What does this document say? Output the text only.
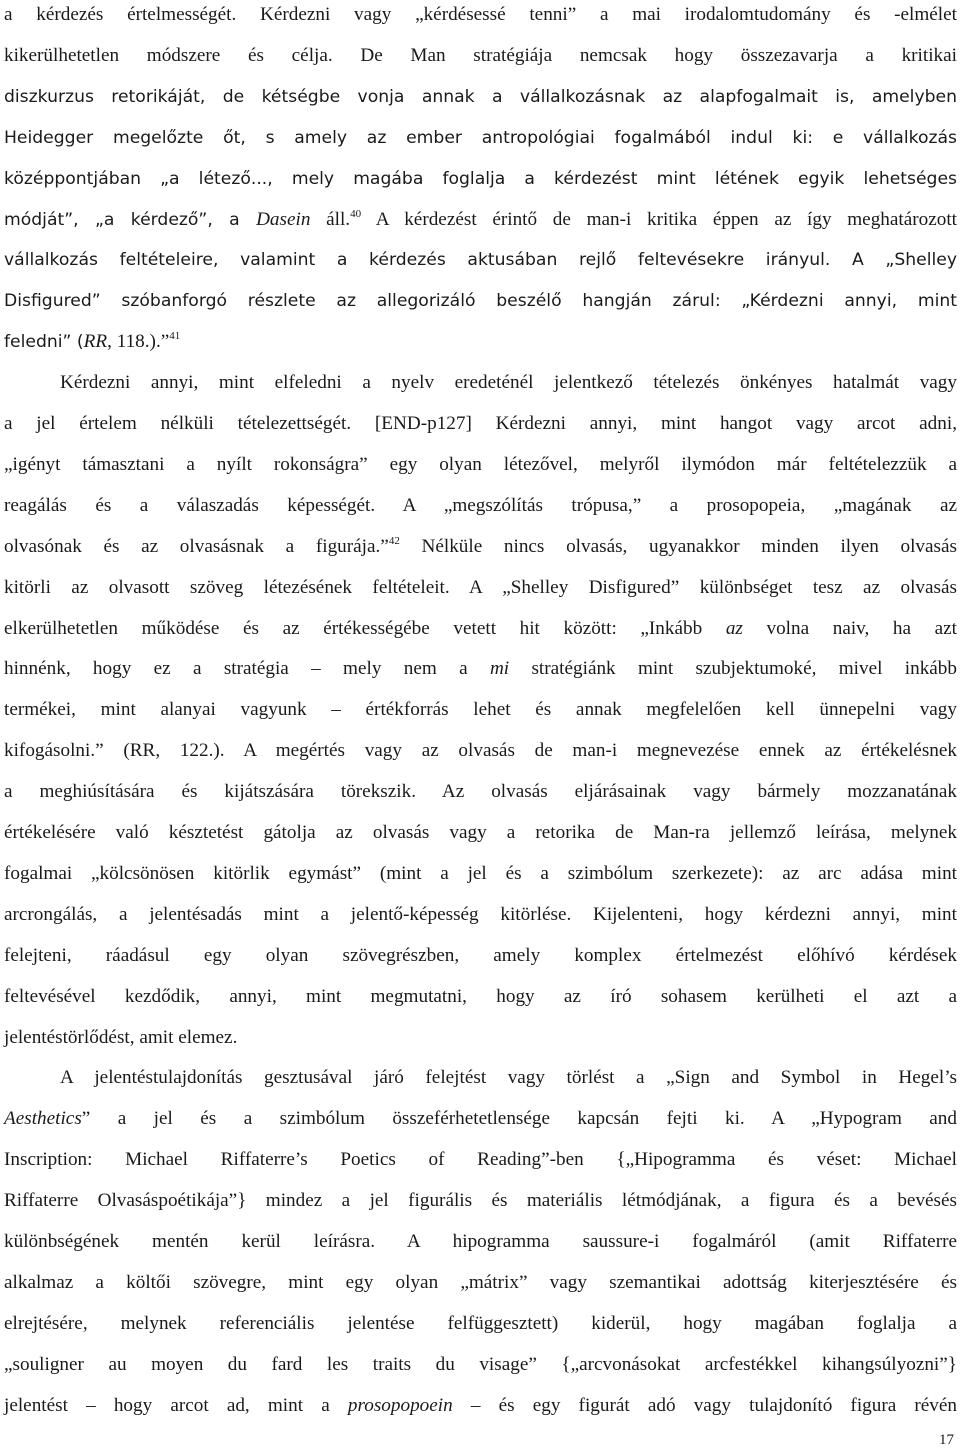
a kérdezés értelmességét. Kérdezni vagy „kérdésessé tenni” a mai irodalomtudomány és -elmélet
kikerülhetetlen módszere és célja. De Man stratégiája nemcsak hogy összezavarja a kritikai
diszkurzus retorikáját, de kétségbe vonja annak a vállalkozásnak az alapfogalmait is, amelyben
Heidegger megelőzte őt, s amely az ember antropológiai fogalmából indul ki: e vállalkozás
középpontjában „a létező..., mely magába foglalja a kérdezést mint létének egyik lehetséges
módját”, „a kérdező”, a Dasein áll.$^{40}$ A kérdezést érintő de man-i kritika éppen az így meghatározott
vállalkozás feltételeire, valamint a kérdezés aktusában rejlő feltevésekre irányul. A „Shelley
Disfigured” szóbanforgó részlete az allegorizáló beszélő hangján zárul: „Kérdezni annyi, mint
feledni” (RR, 118.).”$^{41}$
Kérdezni annyi, mint elfeledni a nyelv eredeténél jelentkező tételezés önkényes hatalmát vagy
a jel értelem nélküli tételezettségét. [END-p127] Kérdezni annyi, mint hangot vagy arcot adni,
„igényt támasztani a nyílt rokonságra” egy olyan létezővel, melyről ilymódon már feltételezzük a
reagálás és a válaszadás képességét. A „megszólítás trópusa,” a prosopopeia, „magának az
olvasónak és az olvasásnak a figurája.”$^{42}$ Nélküle nincs olvasás, ugyanakkor minden ilyen olvasás
kitörli az olvasott szöveg létezésének feltételeit. A „Shelley Disfigured” különbséget tesz az olvasás
elkerülhetetlen működése és az értékességébe vetett hit között: „Inkább az volna naiv, ha azt
hinnénk, hogy ez a stratégia – mely nem a mi stratégiánk mint szubjektumoké, mivel inkább
termékei, mint alanyai vagyunk – értékforrás lehet és annak megfelelően kell ünnepelni vagy
kifogásolni.” (RR, 122.). A megértés vagy az olvasás de man-i megnevezése ennek az értékelésnek
a meghiúsítására és kijátszására törekszik. Az olvasás eljárásainak vagy bármely mozzanatának
értékelésére való késztetést gátolja az olvasás vagy a retorika de Man-ra jellemző leírása, melynek
fogalmai „kölcsönösen kitörlik egymást” (mint a jel és a szimbólum szerkezete): az arc adása mint
arcrongálás, a jelentésadás mint a jelentő-képesség kitörlése. Kijelenteni, hogy kérdezni annyi, mint
felejteni, ráadásul egy olyan szövegrészben, amely komplex értelmezést előhívó kérdések
feltevésével kezdődik, annyi, mint megmutatni, hogy az író sohasem kerülheti el azt a
jelentéstörlődést, amit elemez.
A jelentéstulajdonítás gesztusával járó felejtést vagy törlést a „Sign and Symbol in Hegel’s
Aesthetics” a jel és a szimbólum összeférhetetlensége kapcsán fejti ki. A „Hypogram and
Inscription: Michael Riffaterre’s Poetics of Reading”-ben {„Hipogramma és véset: Michael
Riffaterre Olvasáspoétikája”} mindez a jel figurális és materiális létmódjának, a figura és a bevésés
különbségének mentén kerül leírásra. A hipogramma saussure-i fogalmáról (amit Riffaterre
alkalmaz a költői szövegre, mint egy olyan „mátrix” vagy szemantikai adottság kiterjesztésére és
elrejtésére, melynek referenciális jelentése felfüggesztett) kiderül, hogy magában foglalja a
„souligner au moyen du fard les traits du visage” {„arcvonásokat arcfestékkel kihangsúlyozni”}
jelentést – hogy arcot ad, mint a prosopopoein – és egy figurát adó vagy tulajdonító figura révén
17
